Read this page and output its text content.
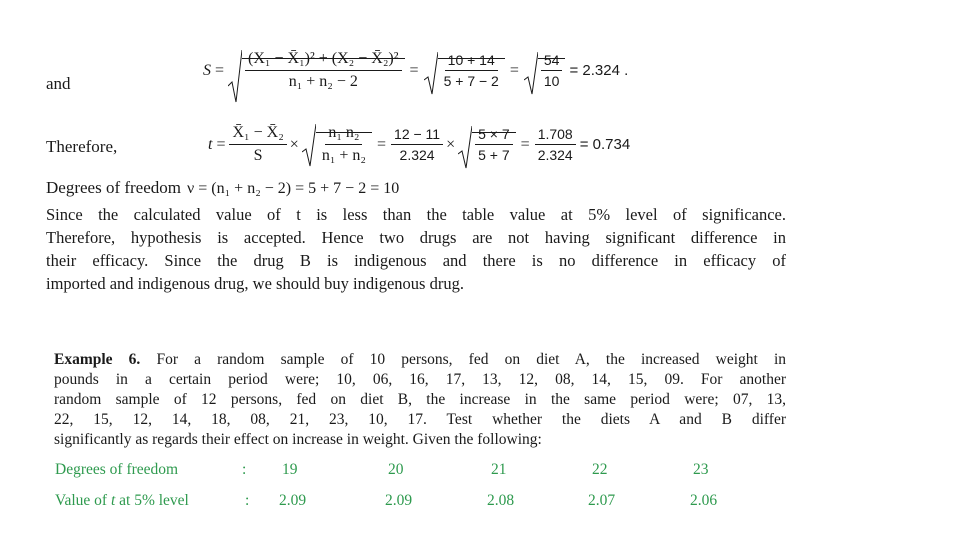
and
$S = \frac{\text{(X₁ − X̄₁)² + (X₂ − X̄₂)²}}{\text{n₁ + n₂ − 2}} = \frac{10 + 14}{5 + 7 - 2} = \frac{54}{10} = 2.324$ .
Therefore,	$t = \frac{\text{X̄₁ − X̄₂}}{S} \times \frac{\text{n₁ n₂}}{\text{n₁ + n₂}} = \frac{12 - 11}{2.324} \times \frac{5 \times 7}{5 + 7} = \frac{1.708}{2.324} = 0.734$
Degrees of freedom ν = (n₁ + n₂ − 2) = 5 + 7 − 2 = 10
Since the calculated value of t is less than the table value at 5% level of significance.
Therefore, hypothesis is accepted. Hence two drugs are not having significant difference in
their efficacy. Since the drug B is indigenous and there is no difference in efficacy of
imported and indigenous drug, we should buy indigenous drug.
Example 6. For a random sample of 10 persons, fed on diet A, the increased weight in
pounds in a certain period were; 10, 06, 16, 17, 13, 12, 08, 14, 15, 09. For another
random sample of 12 persons, fed on diet B, the increase in the same period were; 07, 13,
22, 15, 12, 14, 18, 08, 21, 23, 10, 17. Test whether the diets A and B differ
significantly as regards their effect on increase in weight. Given the following:
Degrees of freedom	: 19	20	21	22	23
Value of t at 5% level	: 2.09	2.09	2.08	2.07	2.06
